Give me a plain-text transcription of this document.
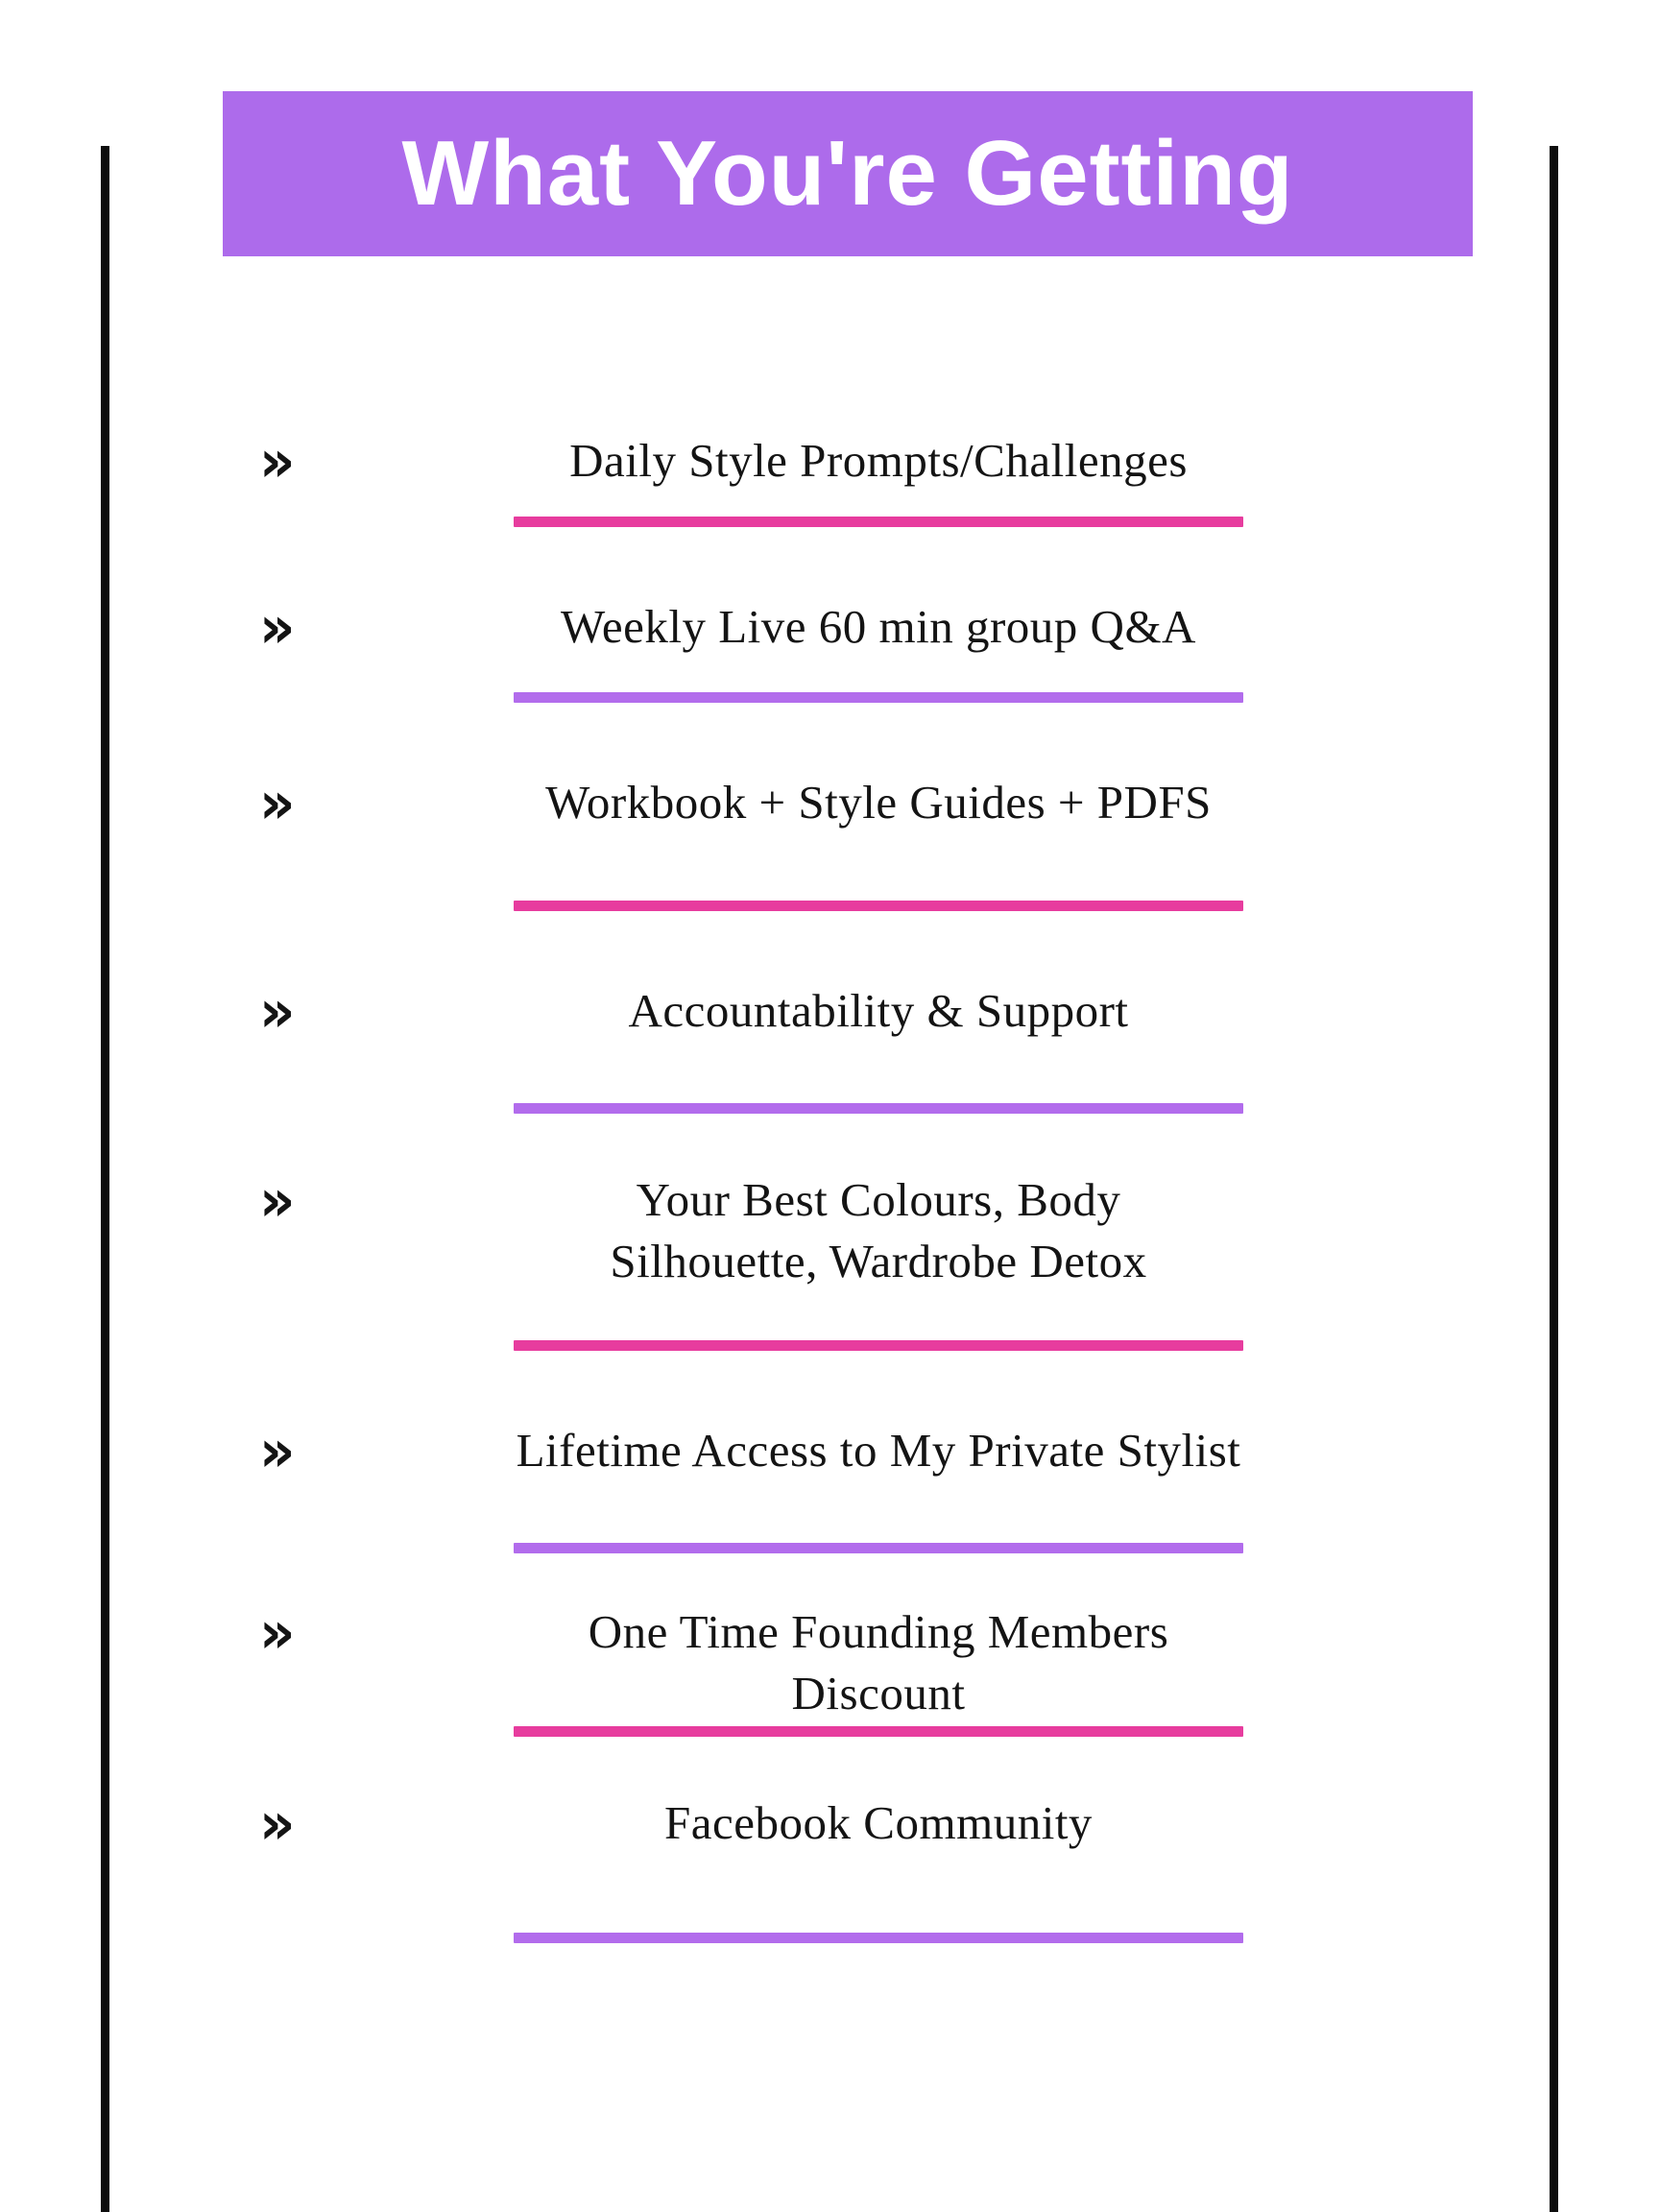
What You're Getting
»	Daily Style Prompts/Challenges
»	Weekly Live 60 min group Q&A
»	Workbook + Style Guides + PDFS
»	Accountability & Support
»	Your Best Colours, Body
Silhouette, Wardrobe Detox
»	Lifetime Access to My Private Stylist
»	One Time Founding Members
Discount
»	Facebook Community
